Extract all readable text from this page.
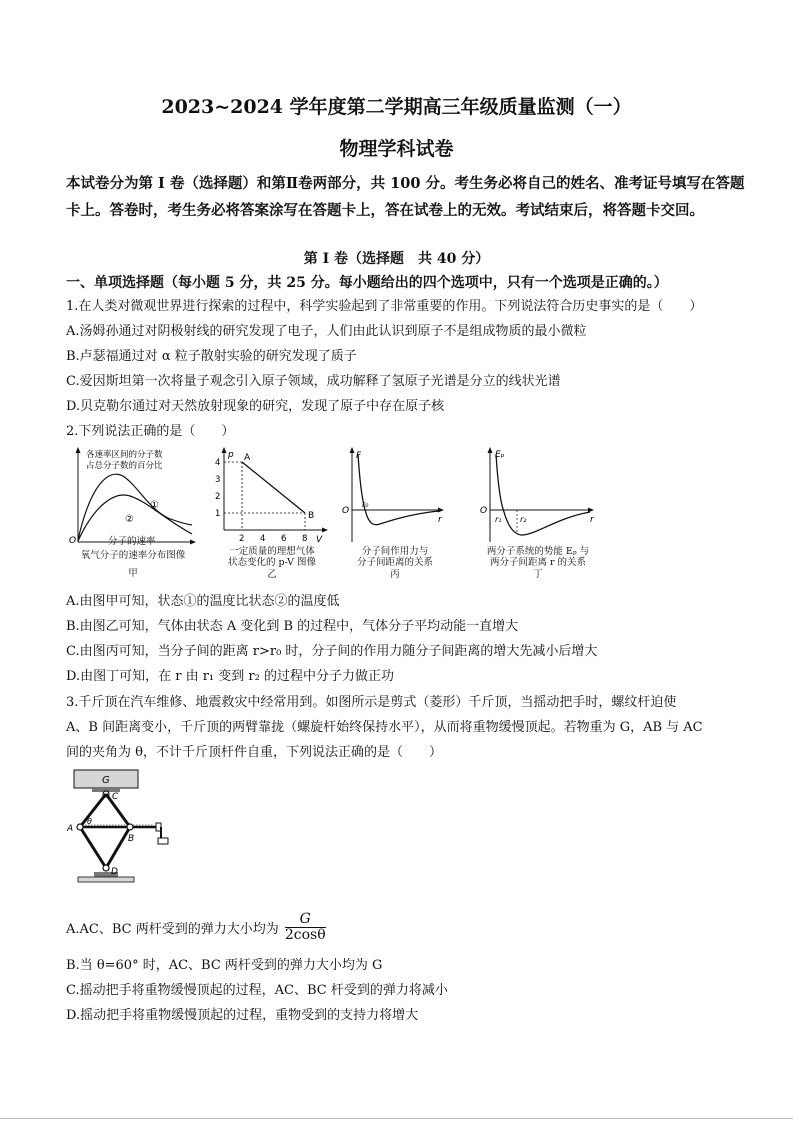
2023~2024 学年度第二学期高三年级质量监测（一）
物理学科试卷
本试卷分为第 I 卷（选择题）和第Ⅱ卷两部分，共 100 分。考生务必将自己的姓名、准考证号填写在答题卡上。答卷时，考生务必将答案涂写在答题卡上，答在试卷上的无效。考试结束后，将答题卡交回。
第 I 卷（选择题　共 40 分）
一、单项选择题（每小题 5 分，共 25 分。每小题给出的四个选项中，只有一个选项是正确的。）
1.在人类对微观世界进行探索的过程中，科学实验起到了非常重要的作用。下列说法符合历史事实的是（　　）
A.汤姆孙通过对阴极射线的研究发现了电子，人们由此认识到原子不是组成物质的最小微粒
B.卢瑟福通过对 α 粒子散射实验的研究发现了质子
C.爱因斯坦第一次将量子观念引入原子领域，成功解释了氢原子光谱是分立的线状光谱
D.贝克勒尔通过对天然放射现象的研究，发现了原子中存在原子核
2.下列说法正确的是（　　）
各速率区间的分子数
占总分子数的百分比
①
②
O	分子的速率
氧气分子的速率分布图像
甲
p A
B
V
4
3
2
1
2 4 6 8
一定质量的理想气体
状态变化的 p-V 图像
乙
F
O
r₀
r
分子间作用力与
分子间距离的关系
丙
Eₚ
O
r₁ r₂	r
两分子系统的势能 Eₚ 与
两分子间距离 r 的关系
丁
A.由图甲可知，状态①的温度比状态②的温度低
B.由图乙可知，气体由状态 A 变化到 B 的过程中，气体分子平均动能一直增大
C.由图丙可知，当分子间的距离 r>r₀ 时，分子间的作用力随分子间距离的增大先减小后增大
D.由图丁可知，在 r 由 r₁ 变到 r₂ 的过程中分子力做正功
3.千斤顶在汽车维修、地震救灾中经常用到。如图所示是剪式（菱形）千斤顶，当摇动把手时，螺纹杆迫使
A、B 间距离变小，千斤顶的两臂靠拢（螺旋杆始终保持水平），从而将重物缓慢顶起。若物重为 G，AB 与 AC
间的夹角为 θ，不计千斤顶杆件自重，下列说法正确的是（　　）
G
C
A
θ
B
D
A.AC、BC 两杆受到的弹力大小均为 $\frac{G}{2\cos\theta}$
B.当 θ=60° 时，AC、BC 两杆受到的弹力大小均为 G
C.摇动把手将重物缓慢顶起的过程，AC、BC 杆受到的弹力将减小
D.摇动把手将重物缓慢顶起的过程，重物受到的支持力将增大
